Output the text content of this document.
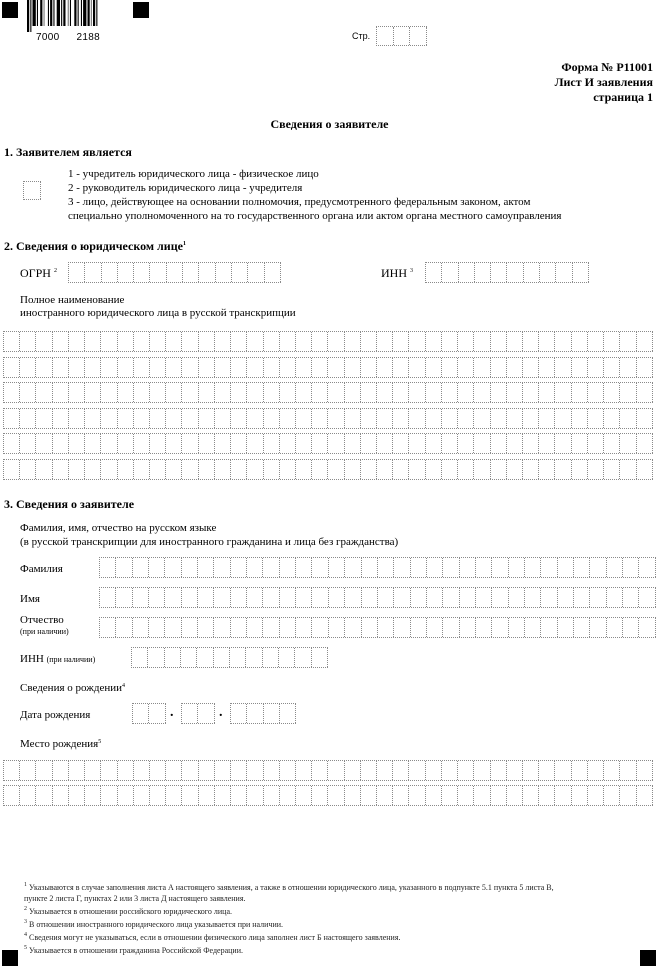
7000 2188	Стр.
Форма № Р11001
Лист И заявления
страница 1
Сведения о заявителе
1. Заявителем является
1 - учредитель юридического лица - физическое лицо
2 - руководитель юридического лица - учредителя
3 - лицо, действующее на основании полномочия, предусмотренного федеральным законом, актом
специально уполномоченного на то государственного органа или актом органа местного самоуправления
2. Сведения о юридическом лице$^1$
ОГРН $^2$	ИНН $^3$
Полное наименование
иностранного юридического лица в русской транскрипции
3. Сведения о заявителе
Фамилия, имя, отчество на русском языке
(в русской транскрипции для иностранного гражданина и лица без гражданства)
Фамилия
Имя
Отчество
(при наличии)
ИНН (при наличии)
Сведения о рождении$^4$
Дата рождения	.	.
Место рождения$^5$
$^1$ Указываются в случае заполнения листа А настоящего заявления, а также в отношении юридического лица, указанного в подпункте 5.1 пункта 5 листа В,
пункте 2 листа Г, пунктах 2 или 3 листа Д настоящего заявления.
$^2$ Указывается в отношении российского юридического лица.
$^3$ В отношении иностранного юридического лица указывается при наличии.
$^4$ Сведения могут не указываться, если в отношении физического лица заполнен лист Б настоящего заявления.
$^5$ Указывается в отношении гражданина Российской Федерации.
